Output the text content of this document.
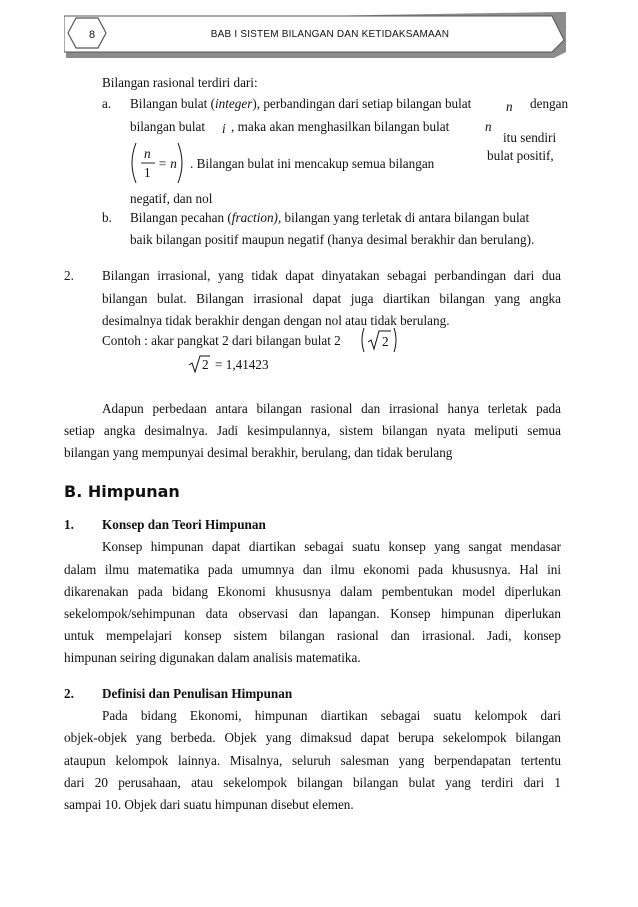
8	BAB I SISTEM BILANGAN DAN KETIDAKSAMAAN
Bilangan rasional terdiri dari:
a. Bilangan bulat (integer), perbandingan dari setiap bilangan bulat	n dengan
bilangan bulat i , maka akan menghasilkan bilangan bulat	n
itu sendiri
n
1
= n . Bilangan bulat ini mencakup semua bilangan
bulat positif,
negatif, dan nol
b. Bilangan pecahan (fraction), bilangan yang terletak di antara bilangan bulat
baik bilangan positif maupun negatif (hanya desimal berakhir dan berulang).
2. Bilangan irrasional, yang tidak dapat dinyatakan sebagai perbandingan dari dua
bilangan bulat. Bilangan irrasional dapat juga diartikan bilangan yang angka
desimalnya tidak berakhir dengan dengan nol atau tidak berulang.
Contoh : akar pangkat 2 dari bilangan bulat 2	2
2 = 1,41423
Adapun perbedaan antara bilangan rasional dan irrasional hanya terletak pada
setiap angka desimalnya. Jadi kesimpulannya, sistem bilangan nyata meliputi semua
bilangan yang mempunyai desimal berakhir, berulang, dan tidak berulang
B. Himpunan
1. Konsep dan Teori Himpunan
Konsep himpunan dapat diartikan sebagai suatu konsep yang sangat mendasar
dalam ilmu matematika pada umumnya dan ilmu ekonomi pada khususnya. Hal ini
dikarenakan pada bidang Ekonomi khususnya dalam pembentukan model diperlukan
sekelompok/sehimpunan data observasi dan lapangan. Konsep himpunan diperlukan
untuk mempelajari konsep sistem bilangan rasional dan irrasional. Jadi, konsep
himpunan seiring digunakan dalam analisis matematika.
2. Definisi dan Penulisan Himpunan
Pada bidang Ekonomi, himpunan diartikan sebagai suatu kelompok dari
objek-objek yang berbeda. Objek yang dimaksud dapat berupa sekelompok bilangan
ataupun kelompok lainnya. Misalnya, seluruh salesman yang berpendapatan tertentu
dari 20 perusahaan, atau sekelompok bilangan bilangan bulat yang terdiri dari 1
sampai 10. Objek dari suatu himpunan disebut elemen.
